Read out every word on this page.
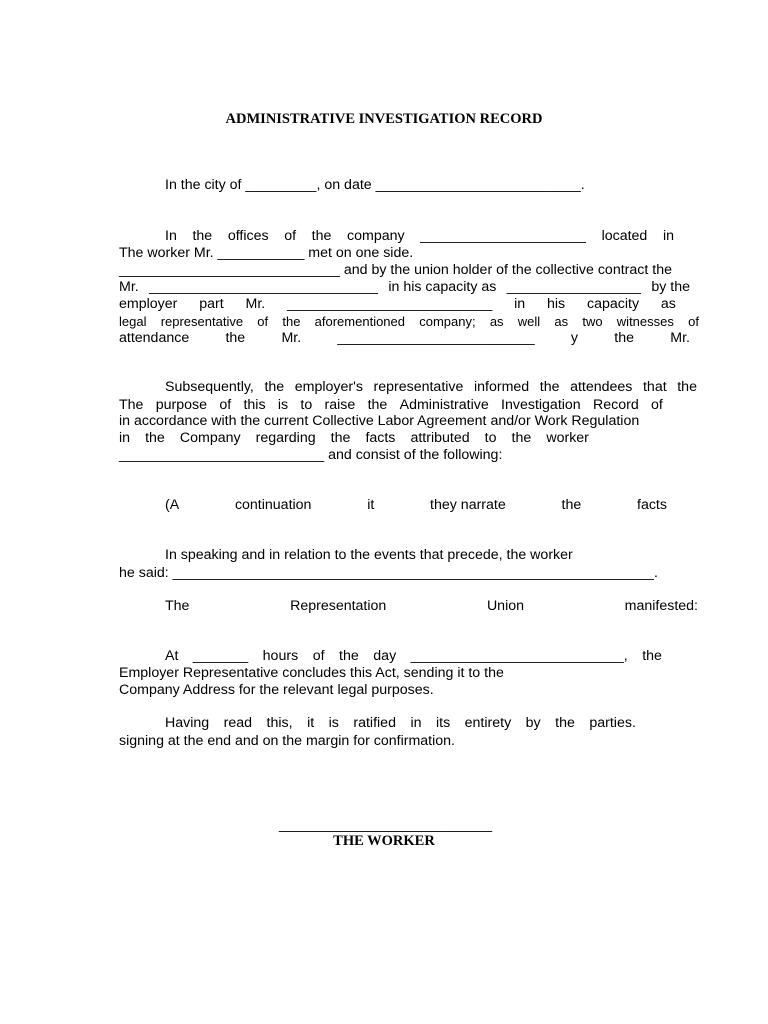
ADMINISTRATIVE INVESTIGATION RECORD

In the city of _________, on date __________________________.

In the offices of the company _____________________ located in

The worker Mr. ___________ met on one side.

____________________________ and by the union holder of the collective contract the

Mr. _____________________________ in his capacity as _________________ by the
employer part Mr. __________________________ in his capacity as
legal representative of the aforementioned company; as well as two witnesses of
attendance	the	Mr.	_________________________	y	the	Mr.
Subsequently, the employer's representative informed the attendees that the
The purpose of this is to raise the Administrative Investigation Record of

in accordance with the current Collective Labor Agreement and/or Work Regulation

in the Company regarding the facts attributed to the worker

__________________________ and consist of the following:

(A	continuation	it	they narrate	the	facts

In speaking and in relation to the events that precede, the worker

he said: _____________________________________________________________.

The	Representation	Union	manifested:
At _______ hours of the day ___________________________, the

Employer Representative concludes this Act, sending it to the

Company Address for the relevant legal purposes.

Having read this, it is ratified in its entirety by the parties.

signing at the end and on the margin for confirmation.

___________________________

THE WORKER
